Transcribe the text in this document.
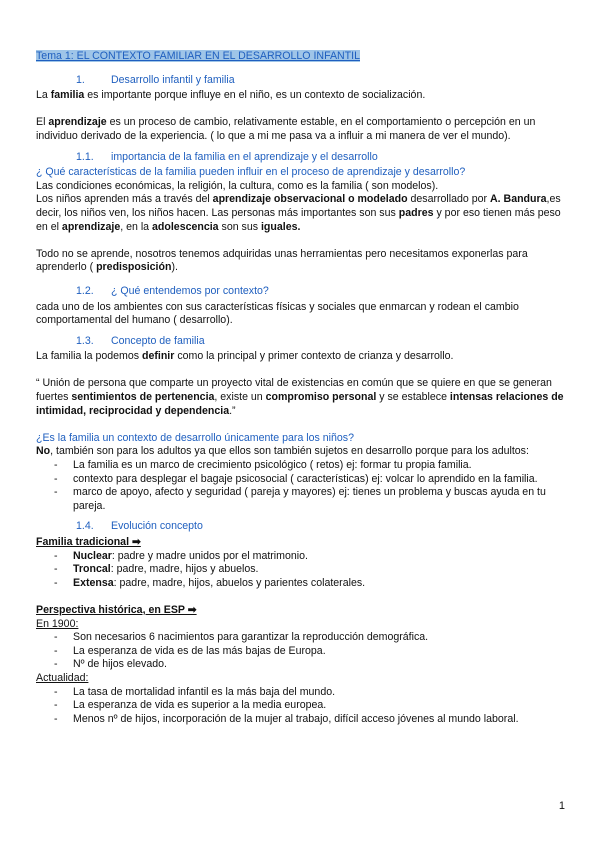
Tema 1: EL CONTEXTO FAMILIAR EN EL DESARROLLO INFANTIL

1. Desarrollo infantil y familia

La familia es importante porque influye en el niño, es un contexto de socialización.

El aprendizaje es un proceso de cambio, relativamente estable, en el comportamiento o percepción en un individuo derivado de la experiencia. ( lo que a mi me pasa va a influir a mi manera de ver el mundo).

1.1. importancia de la familia en el aprendizaje y el desarrollo

¿ Qué características de la familia pueden influir en el proceso de aprendizaje y desarrollo?

Las condiciones económicas, la religión, la cultura, como es la familia ( son modelos).

Los niños aprenden más a través del aprendizaje observacional o modelado desarrollado por A. Bandura,es decir, los niños ven, los niños hacen. Las personas más importantes son sus padres y por eso tienen más peso en el aprendizaje, en la adolescencia son sus iguales.

Todo no se aprende, nosotros tenemos adquiridas unas herramientas pero necesitamos exponerlas para aprenderlo ( predisposición).

1.2. ¿ Qué entendemos por contexto?

cada uno de los ambientes con sus características físicas y sociales que enmarcan y rodean el cambio comportamental del humano ( desarrollo).

1.3. Concepto de familia

La familia la podemos definir como la principal y primer contexto de crianza y desarrollo.

“ Unión de persona que comparte un proyecto vital de existencias en común que se quiere en que se generan fuertes sentimientos de pertenencia, existe un compromiso personal y se establece intensas relaciones de intimidad, reciprocidad y dependencia.”

¿Es la familia un contexto de desarrollo únicamente para los niños?

No, también son para los adultos ya que ellos son también sujetos en desarrollo porque para los adultos:

- La familia es un marco de crecimiento psicológico ( retos) ej: formar tu propia familia.
- contexto para desplegar el bagaje psicosocial ( características) ej: volcar lo aprendido en la familia.
- marco de apoyo, afecto y seguridad ( pareja y mayores) ej: tienes un problema y buscas ayuda en tu pareja.
1.4. Evolución concepto

Familia tradicional ➡

- Nuclear: padre y madre unidos por el matrimonio.
- Troncal: padre, madre, hijos y abuelos.
- Extensa: padre, madre, hijos, abuelos y parientes colaterales.

Perspectiva histórica, en ESP ➡

En 1900:

- Son necesarios 6 nacimientos para garantizar la reproducción demográfica.
- La esperanza de vida es de las más bajas de Europa.
- Nº de hijos elevado.

Actualidad:

- La tasa de mortalidad infantil es la más baja del mundo.
- La esperanza de vida es superior a la media europea.
- Menos nº de hijos, incorporación de la mujer al trabajo, difícil acceso jóvenes al mundo laboral.
1
